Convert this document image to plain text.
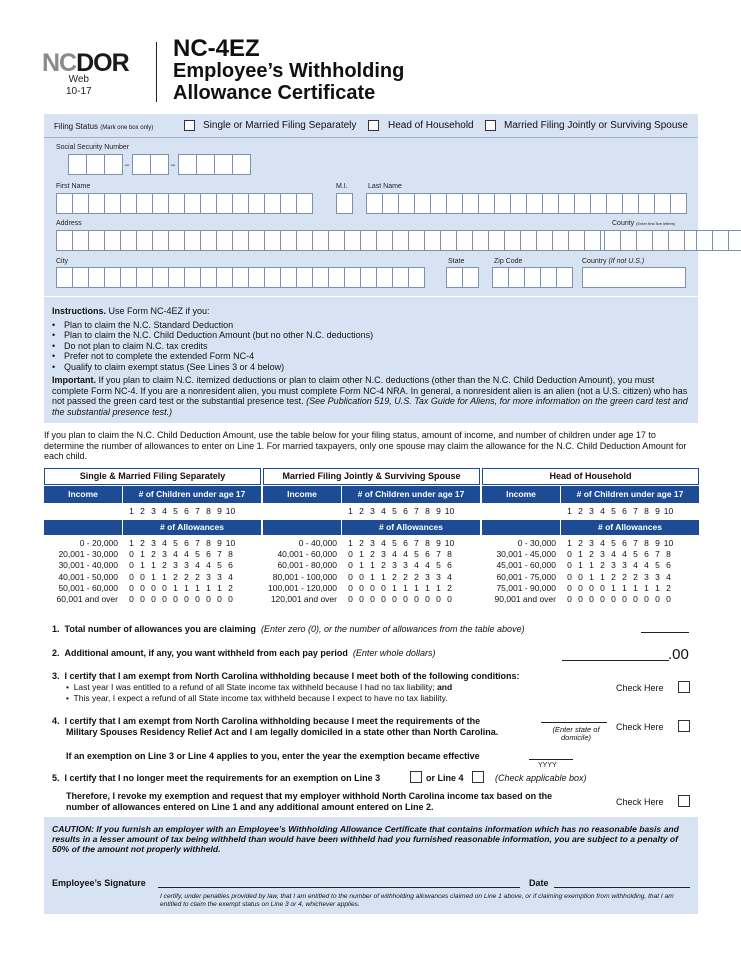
NCDOR
Web
10-17
NC-4EZ
Employee’s Withholding
Allowance Certificate
Filing Status (Mark one box only)	Single or Married Filing Separately	Head of Household	Married Filing Jointly or Surviving Spouse
Social Security Number
- -
First Name	M.I.	Last Name
Address	County (Enter first five letters)
City	State	Zip Code	Country (If not U.S.)
Instructions. Use Form NC-4EZ if you:
• Plan to claim the N.C. Standard Deduction
• Plan to claim the N.C. Child Deduction Amount (but no other N.C. deductions)
• Do not plan to claim N.C. tax credits
• Prefer not to complete the extended Form NC-4
• Qualify to claim exempt status (See Lines 3 or 4 below)
Important. If you plan to claim N.C. itemized deductions or plan to claim other N.C. deductions (other than the N.C. Child Deduction Amount), you must complete Form NC-4. If you are a nonresident alien, you must complete Form NC-4 NRA. In general, a nonresident alien is an alien (not a U.S. citizen) who has not passed the green card test or the substantial presence test. (See Publication 519, U.S. Tax Guide for Aliens, for more information on the green card test and the substantial presence test.)
If you plan to claim the N.C. Child Deduction Amount, use the table below for your filing status, amount of income, and number of children under age 17 to determine the number of allowances to enter on Line 1. For married taxpayers, only one spouse may claim the allowance for the N.C. Child Deduction Amount for each child.
Single & Married Filing Separately
Income	# of Children under age 17
1 2 3 4 5 6 7 8 9 10
# of Allowances
0 - 20,000	1 2 3 4 5 6 7 8 9 10
20,001 - 30,000	0 1 2 3 4 4 5 6 7 8
30,001 - 40,000	0 1 1 2 3 3 4 4 5 6
40,001 - 50,000	0 0 1 1 2 2 2 3 3 4
50,001 - 60,000	0 0 0 0 1 1 1 1 1 2
60,001 and over	0 0 0 0 0 0 0 0 0 0
Married Filing Jointly & Surviving Spouse
Income	# of Children under age 17
1 2 3 4 5 6 7 8 9 10
# of Allowances
0 - 40,000	1 2 3 4 5 6 7 8 9 10
40,001 - 60,000	0 1 2 3 4 4 5 6 7 8
60,001 - 80,000	0 1 1 2 3 3 4 4 5 6
80,001 - 100,000	0 0 1 1 2 2 2 3 3 4
100,001 - 120,000	0 0 0 0 1 1 1 1 1 2
120,001 and over	0 0 0 0 0 0 0 0 0 0
Head of Household
Income	# of Children under age 17
1 2 3 4 5 6 7 8 9 10
# of Allowances
0 - 30,000	1 2 3 4 5 6 7 8 9 10
30,001 - 45,000	0 1 2 3 4 4 5 6 7 8
45,001 - 60,000	0 1 1 2 3 3 4 4 5 6
60,001 - 75,000	0 0 1 1 2 2 2 3 3 4
75,001 - 90,000	0 0 0 0 1 1 1 1 1 2
90,001 and over	0 0 0 0 0 0 0 0 0 0
1. Total number of allowances you are claiming (Enter zero (0), or the number of allowances from the table above)
2. Additional amount, if any, you want withheld from each pay period (Enter whole dollars)	.00
3. I certify that I am exempt from North Carolina withholding because I meet both of the following conditions:
•  Last year I was entitled to a refund of all State income tax withheld because I had no tax liability; and
•  This year, I expect a refund of all State income tax withheld because I expect to have no tax liability.
Check Here
4. I certify that I am exempt from North Carolina withholding because I meet the requirements of the
Military Spouses Residency Relief Act and I am legally domiciled in a state other than North Carolina.	(Enter state of domicile)
Check Here
If an exemption on Line 3 or Line 4 applies to you, enter the year the exemption became effective
YYYY
5. I certify that I no longer meet the requirements for an exemption on Line 3	or Line 4	(Check applicable box)
Therefore, I revoke my exemption and request that my employer withhold North Carolina income tax based on the
number of allowances entered on Line 1 and any additional amount entered on Line 2.	Check Here
CAUTION: If you furnish an employer with an Employee’s Withholding Allowance Certificate that contains information which has no reasonable basis and results in a lesser amount of tax being withheld than would have been withheld had you furnished reasonable information, you are subject to a penalty of 50% of the amount not properly withheld.
Employee’s Signature	Date
I certify, under penalties provided by law, that I am entitled to the number of withholding allowances claimed on Line 1 above, or if claiming exemption from withholding, that I am entitled to claim the exempt status on Line 3 or 4, whichever applies.
